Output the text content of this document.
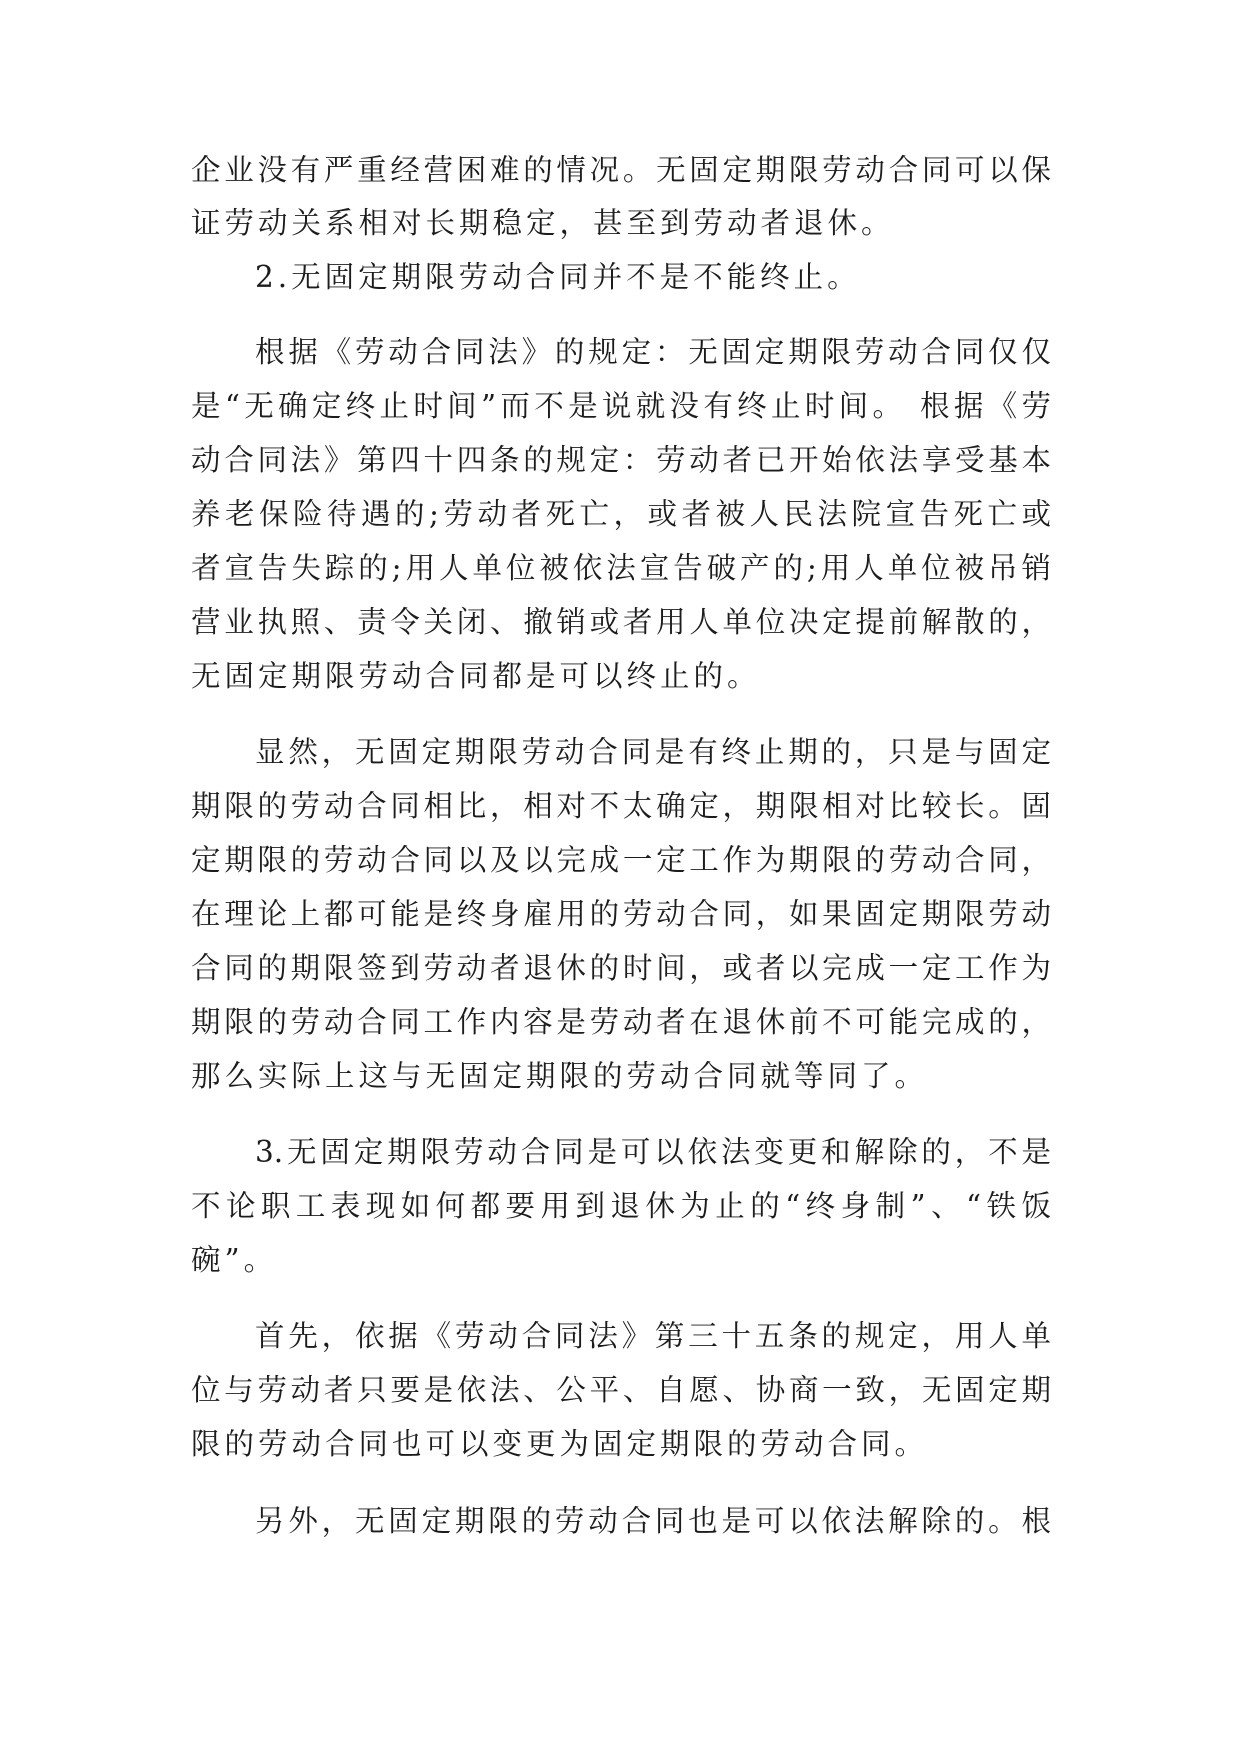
企业没有严重经营困难的情况。无固定期限劳动合同可以保
证劳动关系相对长期稳定，甚至到劳动者退休。
2.无固定期限劳动合同并不是不能终止。
根据《劳动合同法》的规定：无固定期限劳动合同仅仅
是“无确定终止时间”而不是说就没有终止时间。 根据《劳
动合同法》第四十四条的规定：劳动者已开始依法享受基本
养老保险待遇的;劳动者死亡，或者被人民法院宣告死亡或
者宣告失踪的;用人单位被依法宣告破产的;用人单位被吊销
营业执照、责令关闭、撤销或者用人单位决定提前解散的，
无固定期限劳动合同都是可以终止的。
显然，无固定期限劳动合同是有终止期的，只是与固定
期限的劳动合同相比，相对不太确定，期限相对比较长。固
定期限的劳动合同以及以完成一定工作为期限的劳动合同，
在理论上都可能是终身雇用的劳动合同，如果固定期限劳动
合同的期限签到劳动者退休的时间，或者以完成一定工作为
期限的劳动合同工作内容是劳动者在退休前不可能完成的，
那么实际上这与无固定期限的劳动合同就等同了。
3.无固定期限劳动合同是可以依法变更和解除的，不是
不论职工表现如何都要用到退休为止的“终身制”、“铁饭
碗”。
首先，依据《劳动合同法》第三十五条的规定，用人单
位与劳动者只要是依法、公平、自愿、协商一致，无固定期
限的劳动合同也可以变更为固定期限的劳动合同。
另外，无固定期限的劳动合同也是可以依法解除的。根
